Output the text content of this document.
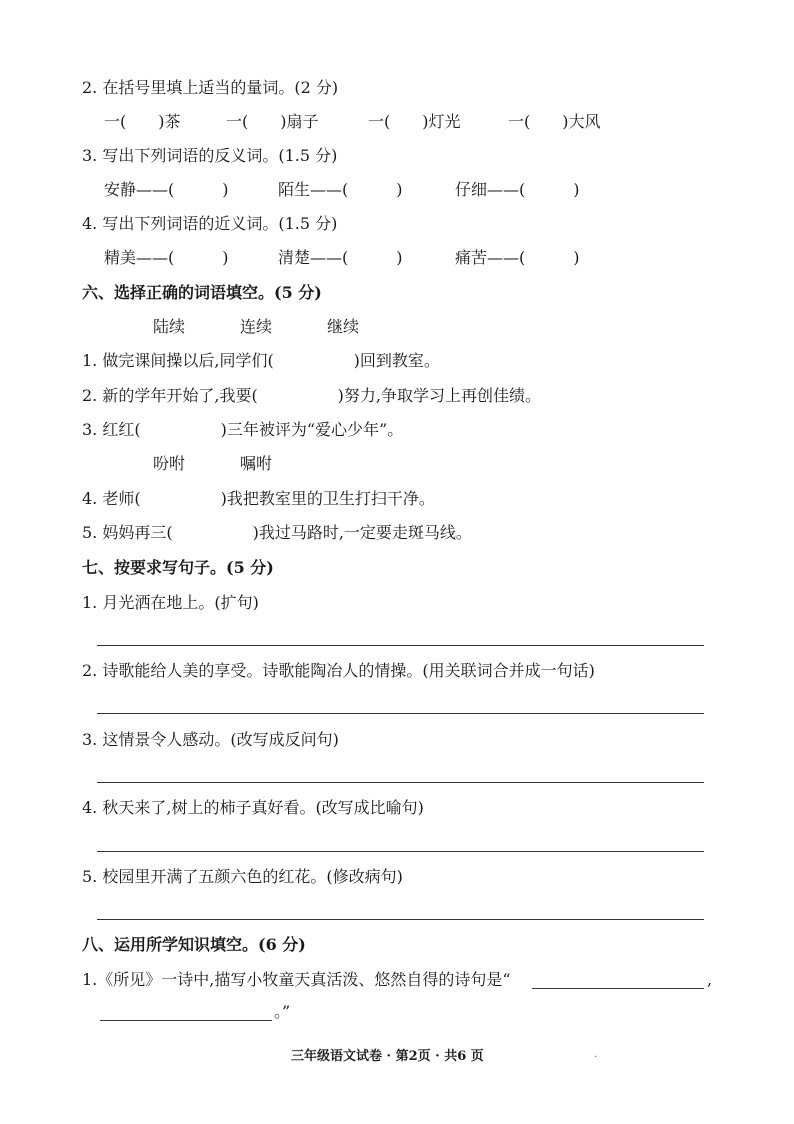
2. 在括号里填上适当的量词。(2 分)
一(　　)茶	一(　　)扇子	一(　　)灯光	一(　　)大风
3. 写出下列词语的反义词。(1.5 分)
安静——(　　　)	陌生——(　　　)	仔细——(　　　)
4. 写出下列词语的近义词。(1.5 分)
精美——(　　　)	清楚——(　　　)	痛苦——(　　　)
六、选择正确的词语填空。(5 分)
陆续	连续	继续
1. 做完课间操以后,同学们(　　　　　)回到教室。
2. 新的学年开始了,我要(　　　　　)努力,争取学习上再创佳绩。
3. 红红(　　　　　)三年被评为“爱心少年”。
吩咐	嘱咐
4. 老师(　　　　　)我把教室里的卫生打扫干净。
5. 妈妈再三(　　　　　)我过马路时,一定要走斑马线。
七、按要求写句子。(5 分)
1. 月光洒在地上。(扩句)
2. 诗歌能给人美的享受。诗歌能陶冶人的情操。(用关联词合并成一句话)
3. 这情景令人感动。(改写成反问句)
4. 秋天来了,树上的柿子真好看。(改写成比喻句)
5. 校园里开满了五颜六色的红花。(修改病句)
八、运用所学知识填空。(6 分)
1.《所见》一诗中,描写小牧童天真活泼、悠然自得的诗句是“	,
。”
三年级语文试卷 · 第2页 · 共6 页	.
